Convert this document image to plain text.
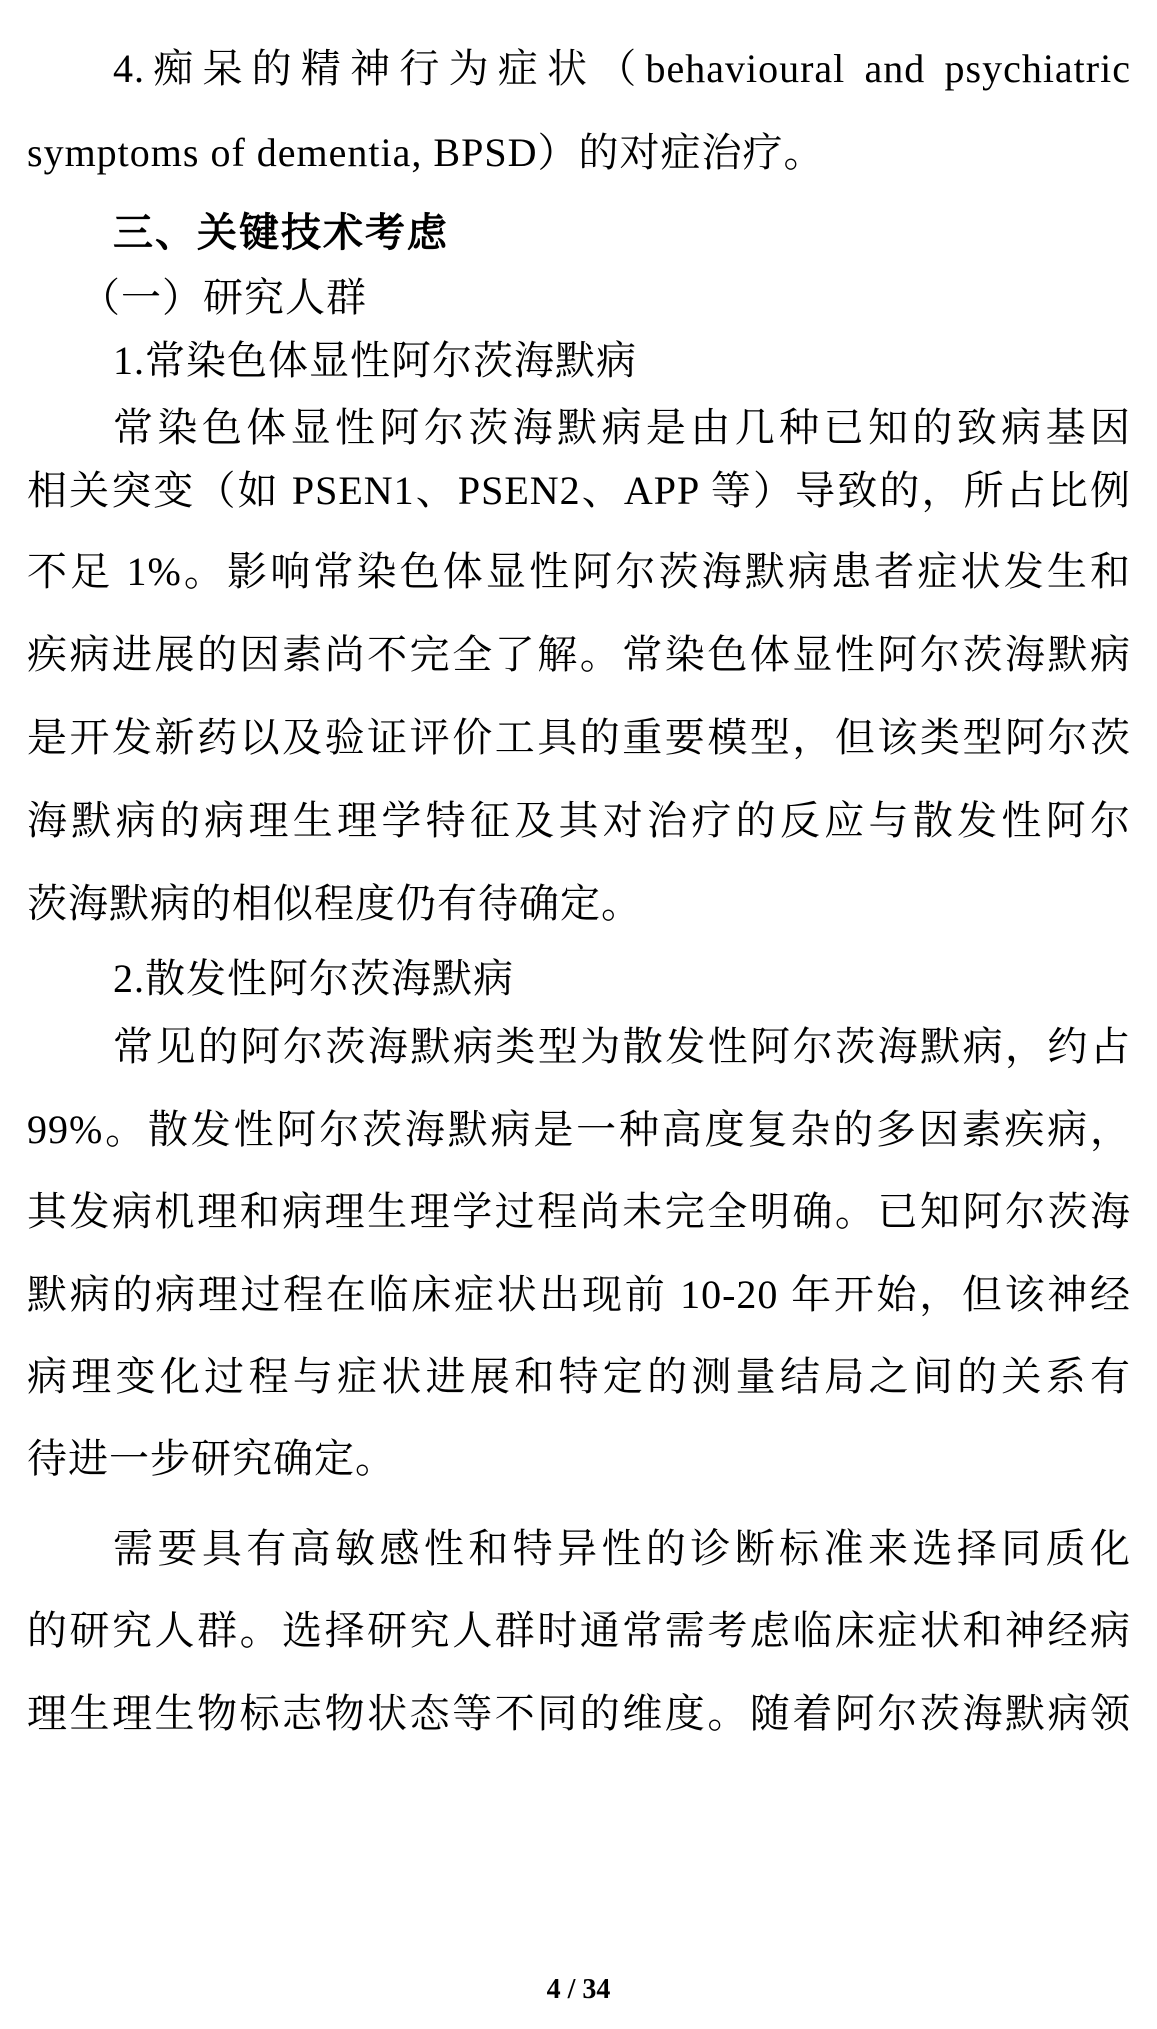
4.痴呆的精神行为症状（behavioural and psychiatric
symptoms of dementia, BPSD）的对症治疗。
三、关键技术考虑
（一）研究人群
1.常染色体显性阿尔茨海默病
常染色体显性阿尔茨海默病是由几种已知的致病基因
相关突变（如 PSEN1、PSEN2、APP 等）导致的，所占比例
不足 1%。影响常染色体显性阿尔茨海默病患者症状发生和
疾病进展的因素尚不完全了解。常染色体显性阿尔茨海默病
是开发新药以及验证评价工具的重要模型，但该类型阿尔茨
海默病的病理生理学特征及其对治疗的反应与散发性阿尔
茨海默病的相似程度仍有待确定。
2.散发性阿尔茨海默病
常见的阿尔茨海默病类型为散发性阿尔茨海默病，约占
99%。散发性阿尔茨海默病是一种高度复杂的多因素疾病，
其发病机理和病理生理学过程尚未完全明确。已知阿尔茨海
默病的病理过程在临床症状出现前 10-20 年开始，但该神经
病理变化过程与症状进展和特定的测量结局之间的关系有
待进一步研究确定。
需要具有高敏感性和特异性的诊断标准来选择同质化
的研究人群。选择研究人群时通常需考虑临床症状和神经病
理生理生物标志物状态等不同的维度。随着阿尔茨海默病领
4 / 34
